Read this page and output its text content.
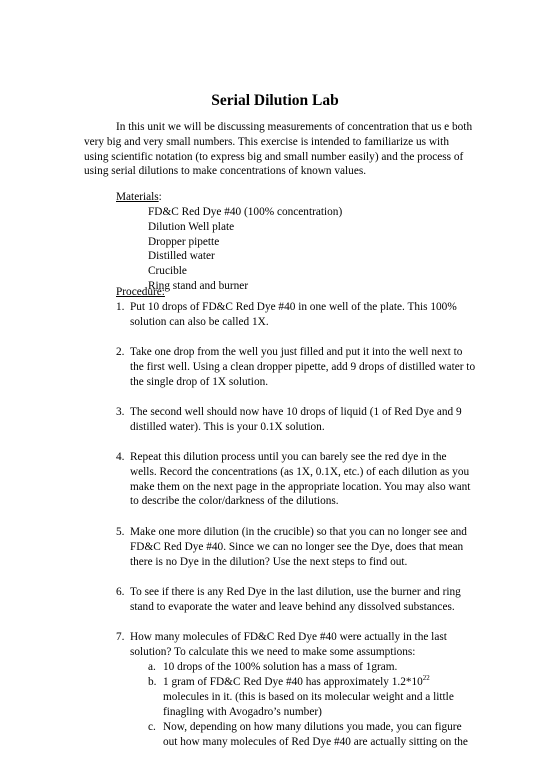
Serial Dilution Lab

In this unit we will be discussing measurements of concentration that us e both very big and very small numbers. This exercise is intended to familiarize us with using scientific notation (to express big and small number easily) and the process of using serial dilutions to make concentrations of known values.

Materials:
FD&C Red Dye #40 (100% concentration)
Dilution Well plate
Dropper pipette
Distilled water
Crucible
Ring stand and burner
Procedure:
1. Put 10 drops of FD&C Red Dye #40 in one well of the plate. This 100% solution can also be called 1X.
2. Take one drop from the well you just filled and put it into the well next to the first well. Using a clean dropper pipette, add 9 drops of distilled water to the single drop of 1X solution.
3. The second well should now have 10 drops of liquid (1 of Red Dye and 9 distilled water). This is your 0.1X solution.
4. Repeat this dilution process until you can barely see the red dye in the wells. Record the concentrations (as 1X, 0.1X, etc.) of each dilution as you make them on the next page in the appropriate location. You may also want to describe the color/darkness of the dilutions.
5. Make one more dilution (in the crucible) so that you can no longer see and FD&C Red Dye #40. Since we can no longer see the Dye, does that mean there is no Dye in the dilution? Use the next steps to find out.
6. To see if there is any Red Dye in the last dilution, use the burner and ring stand to evaporate the water and leave behind any dissolved substances.
7. How many molecules of FD&C Red Dye #40 were actually in the last solution? To calculate this we need to make some assumptions:
a. 10 drops of the 100% solution has a mass of 1gram.
b. 1 gram of FD&C Red Dye #40 has approximately $1.2*10^{22}$ molecules in it. (this is based on its molecular weight and a little finagling with Avogadro’s number)
c. Now, depending on how many dilutions you made, you can figure out how many molecules of Red Dye #40 are actually sitting on the
